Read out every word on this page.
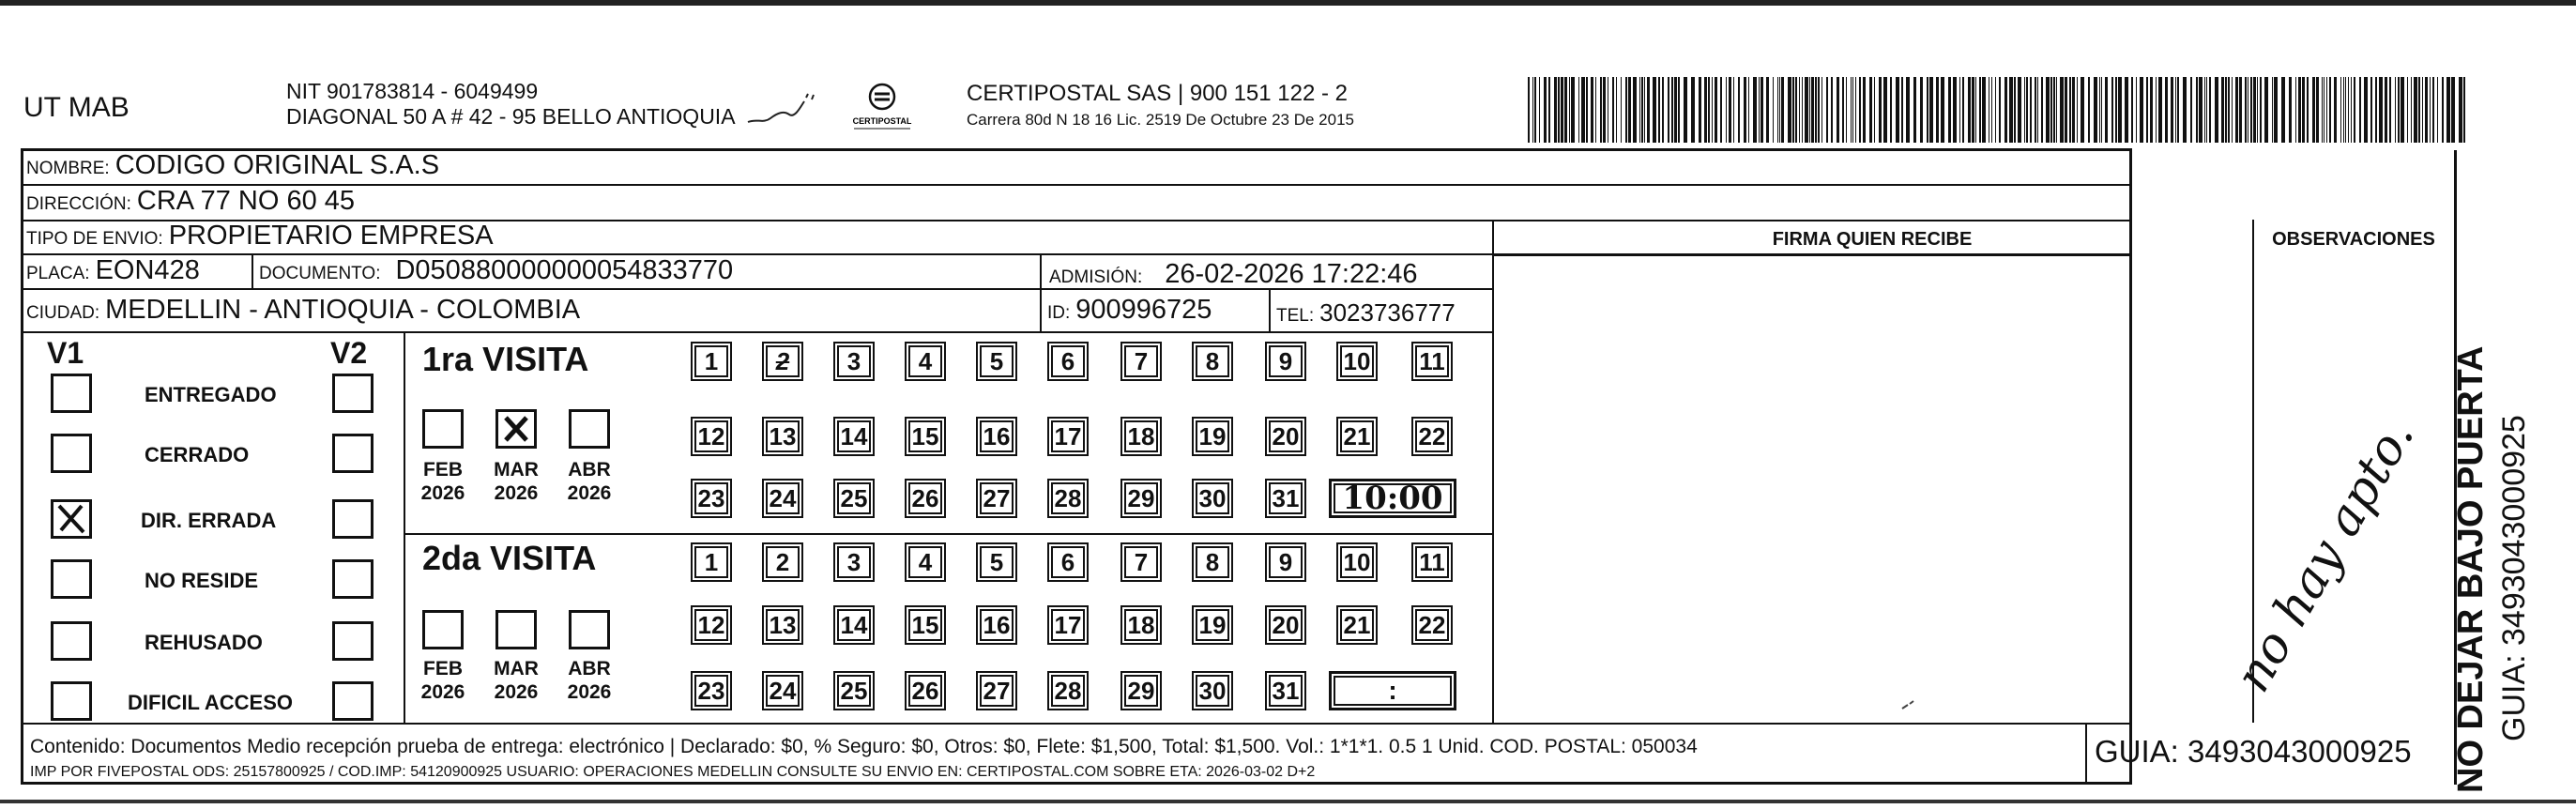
UT MAB
NIT 901783814 - 6049499
DIAGONAL 50 A # 42 - 95 BELLO ANTIOQUIA	CERTIPOSTAL
CERTIPOSTAL SAS | 900 151 122 - 2
Carrera 80d N 18 16 Lic. 2519 De Octubre 23 De 2015
NOMBRE: CODIGO ORIGINAL S.A.S
DIRECCIÓN: CRA 77 NO 60 45
TIPO DE ENVIO: PROPIETARIO EMPRESA
PLACA: EON428	DOCUMENTO: D050880000000054833770	ADMISIÓN: 26-02-2026 17:22:46
CIUDAD: MEDELLIN - ANTIOQUIA - COLOMBIA	ID: 900996725	TEL: 3023736777
FIRMA QUIEN RECIBE	OBSERVACIONES
V1	V2
ENTREGADO
CERRADO
DIR. ERRADA
NO RESIDE
REHUSADO
DIFICIL ACCESO
1ra VISITA
2da VISITA
FEB
2026
MAR
2026
ABR
2026
1 2 3 4 5 6 7 8 9 10 11
12 13 14 15 16 17 18 19 20 21 22
23 24 25 26 27 28 29 30 31 10:00
FEB
2026
MAR
2026
ABR
2026
1 2 3 4 5 6 7 8 9 10 11
12 13 14 15 16 17 18 19 20 21 22
23 24 25 26 27 28 29 30 31	:
Contenido: Documentos Medio recepción prueba de entrega: electrónico | Declarado: $0, % Seguro: $0, Otros: $0, Flete: $1,500, Total: $1,500. Vol.: 1*1*1. 0.5 1 Unid. COD. POSTAL: 050034
IMP POR FIVEPOSTAL ODS: 25157800925 / COD.IMP: 54120900925 USUARIO: OPERACIONES MEDELLIN CONSULTE SU ENVIO EN: CERTIPOSTAL.COM SOBRE ETA: 2026-03-02 D+2
GUIA: 3493043000925 NO DEJAR BAJO PUERTA GUIA: 3493043000925
no hay apto.
